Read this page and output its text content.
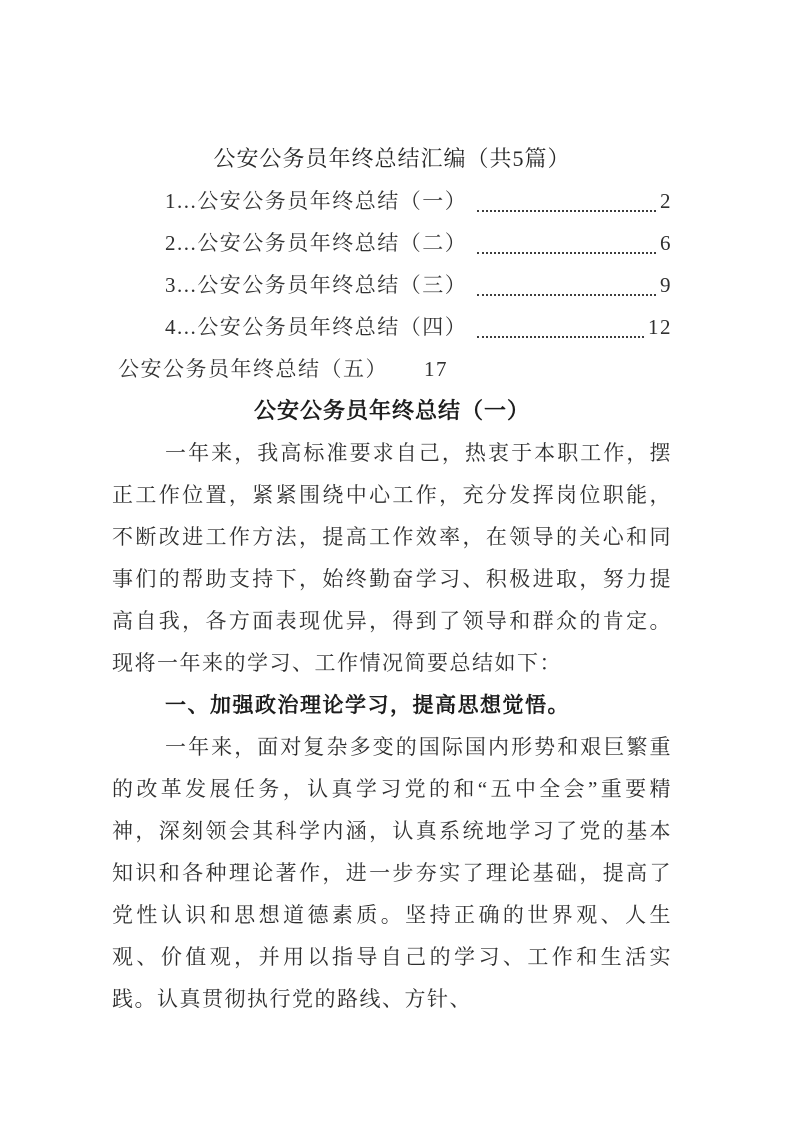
公安公务员年终总结汇编（共5篇）
1...公安公务员年终总结（一）	2
2...公安公务员年终总结（二）	6
3...公安公务员年终总结（三）	9
4...公安公务员年终总结（四）	12
公安公务员年终总结（五） 17
公安公务员年终总结（一）

一年来，我高标准要求自己，热衷于本职工作，摆正工作位置，紧紧围绕中心工作，充分发挥岗位职能，不断改进工作方法，提高工作效率，在领导的关心和同事们的帮助支持下，始终勤奋学习、积极进取，努力提高自我，各方面表现优异，得到了领导和群众的肯定。现将一年来的学习、工作情况简要总结如下：

一、加强政治理论学习，提高思想觉悟。

一年来，面对复杂多变的国际国内形势和艰巨繁重的改革发展任务，认真学习党的和“五中全会”重要精神，深刻领会其科学内涵，认真系统地学习了党的基本知识和各种理论著作，进一步夯实了理论基础，提高了党性认识和思想道德素质。坚持正确的世界观、人生观、价值观，并用以指导自己的学习、工作和生活实践。认真贯彻执行党的路线、方针、
